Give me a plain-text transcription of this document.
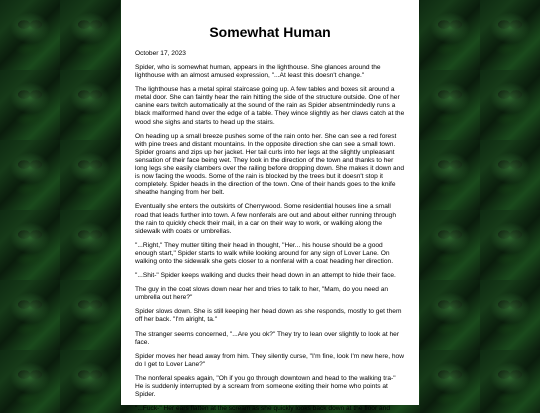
Somewhat Human

October 17, 2023

Spider, who is somewhat human, appears in the lighthouse. She glances around the lighthouse with an almost amused expression, "...At least this doesn't change."

The lighthouse has a metal spiral staircase going up. A few tables and boxes sit around a metal door. She can faintly hear the rain hitting the side of the structure outside. One of her canine ears twitch automatically at the sound of the rain as Spider absentmindedly runs a black malformed hand over the edge of a table. They wince slightly as her claws catch at the wood she sighs and starts to head up the stairs.

On heading up a small breeze pushes some of the rain onto her. She can see a red forest with pine trees and distant mountains. In the opposite direction she can see a small town. Spider groans and zips up her jacket. Her tail curls into her legs at the slightly unpleasant sensation of their face being wet. They look in the direction of the town and thanks to her long legs she easily clambers over the railing before dropping down. She makes it down and is now facing the woods. Some of the rain is blocked by the trees but it doesn't stop it completely. Spider heads in the direction of the town. One of their hands goes to the knife sheathe hanging from her belt.

Eventually she enters the outskirts of Cherrywood. Some residential houses line a small road that leads further into town. A few nonferals are out and about either running through the rain to quickly check their mail, in a car on their way to work, or walking along the sidewalk with coats or umbrellas.

"...Right," They mutter tilting their head in thought, "Her... his house should be a good enough start," Spider starts to walk while looking around for any sign of Lover Lane. On walking onto the sidewalk she gets closer to a nonferal with a coat heading her direction.

"...Shit-" Spider keeps walking and ducks their head down in an attempt to hide their face.

The guy in the coat slows down near her and tries to talk to her, "Mam, do you need an umbrella out here?"

Spider slows down. She is still keeping her head down as she responds, mostly to get them off her back. "I'm alright, ta."

The stranger seems concerned, "...Are you ok?" They try to lean over slightly to look at her face.

Spider moves her head away from him. They silently curse, "I'm fine, look I'm new here, how do I get to Lover Lane?"

The nonferal speaks again, "Oh if you go through downtown and head to the walking tra-" He is suddenly interrupted by a scream from someone exiting their home who points at Spider.

"...Fuck-" Her ears flatten at the scream as she quickly looks back down at the floor and
